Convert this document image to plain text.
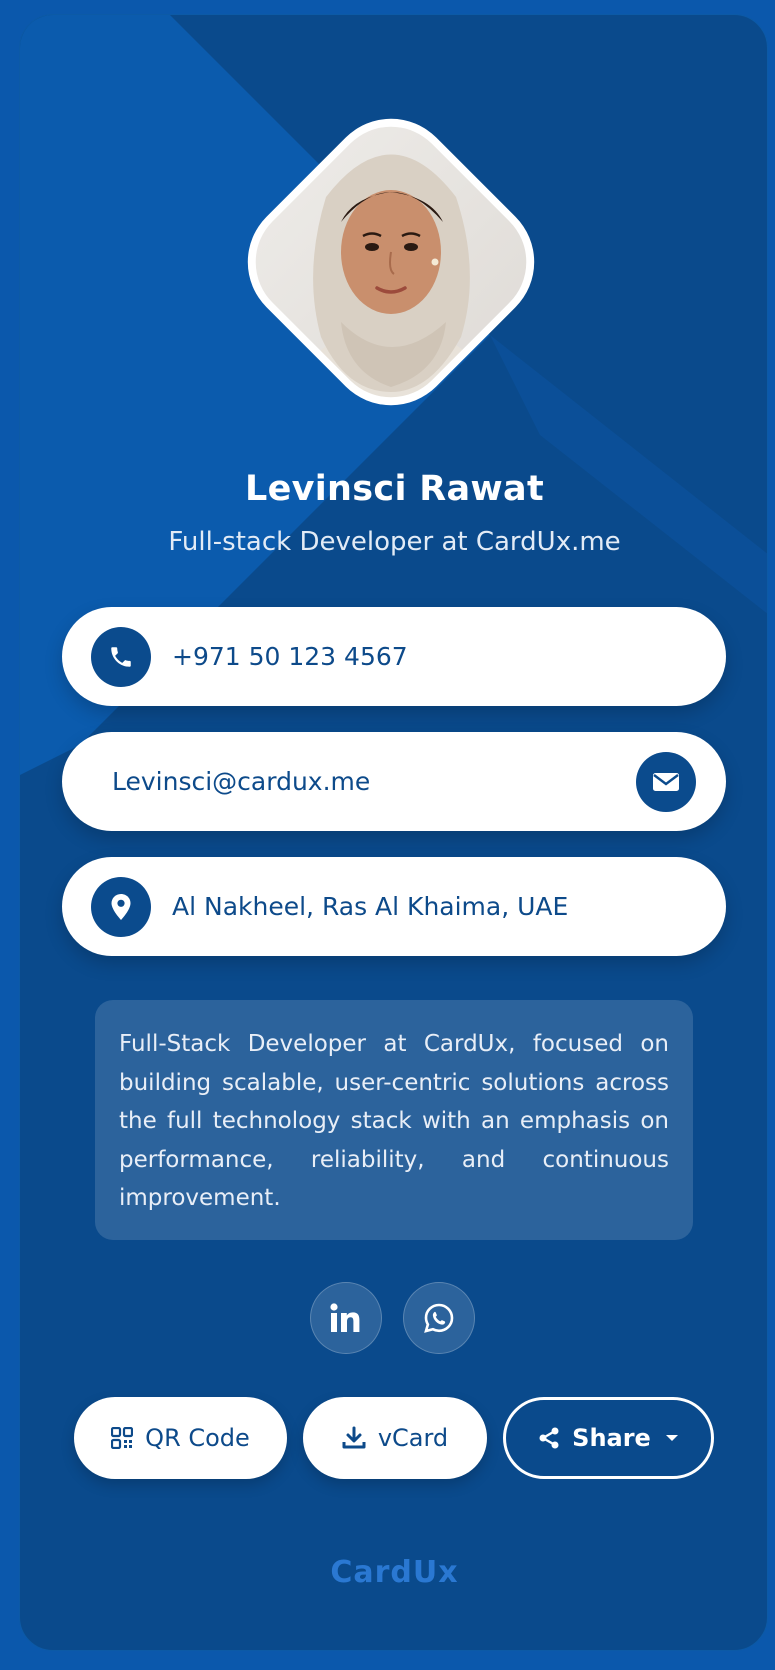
Levinsci Rawat
Full-stack Developer at CardUx.me
+971 50 123 4567
Levinsci@cardux.me
Al Nakheel, Ras Al Khaima, UAE
Full-Stack Developer at CardUx, focused on building scalable, user-centric solutions across the full technology stack with an emphasis on performance, reliability, and continuous improvement.
QR Code	vCard	Share
CardUx
